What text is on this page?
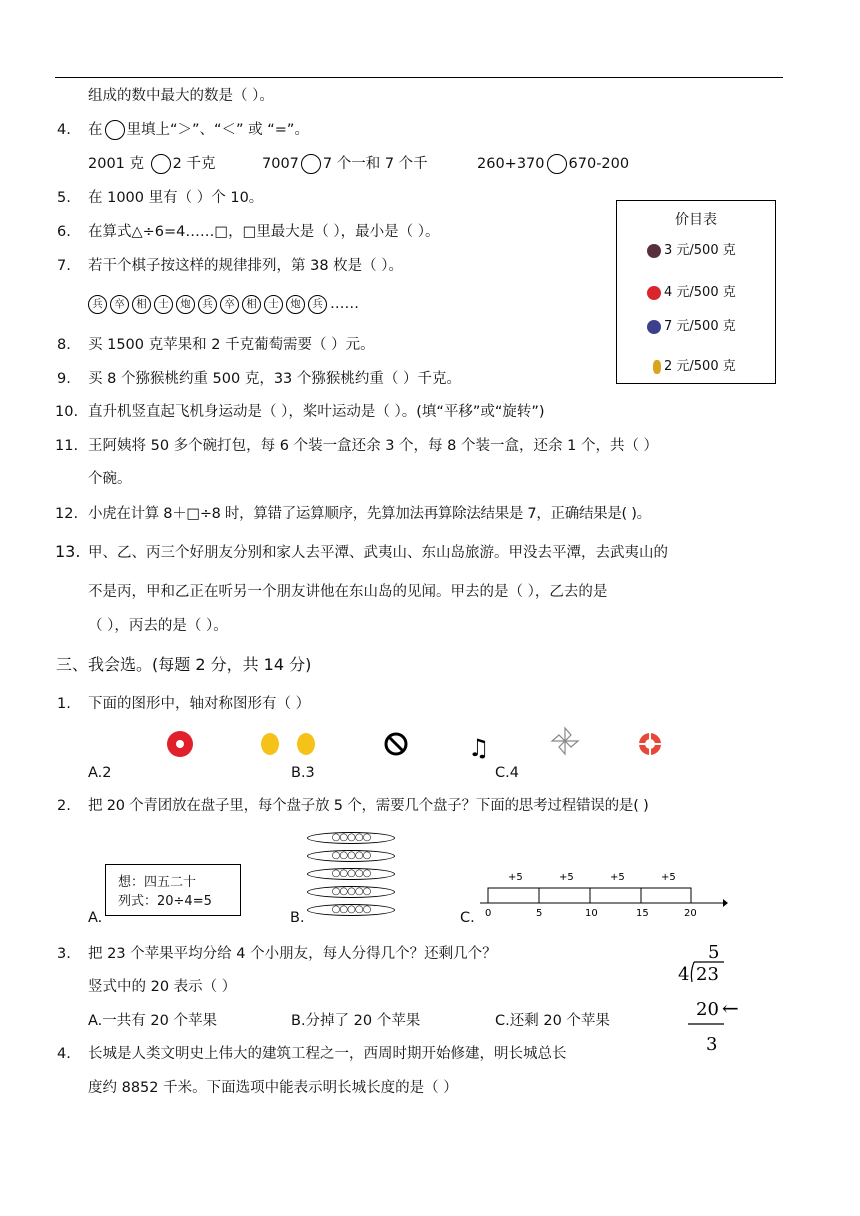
组成的数中最大的数是（ ）。
4.	在 里填上“＞”、“＜” 或 “=”。
2001 克 2 千克	7007 7 个一和 7 个千	260+370 670-200
5.	在 1000 里有（ ）个 10。
6.	在算式△÷6=4……□，□里最大是（ ），最小是（ ）。
7.	若干个棋子按这样的规律排列，第 38 枚是（ ）。
兵 卒 相 士 炮 兵 卒 相 士 炮 兵 ……
8.	买 1500 克苹果和 2 千克葡萄需要（ ）元。
9.	买 8 个猕猴桃约重 500 克，33 个猕猴桃约重（ ）千克。
价目表
3 元/500 克
4 元/500 克
7 元/500 克
2 元/500 克
10. 直升机竖直起飞机身运动是（ ），桨叶运动是（ ）。(填“平移”或“旋转”)
11. 王阿姨将 50 多个碗打包，每 6 个装一盒还余 3 个，每 8 个装一盒，还余 1 个，共（ ）
个碗。
12. 小虎在计算 8＋□÷8 时，算错了运算顺序，先算加法再算除法结果是 7，正确结果是( )。
13. 甲、乙、丙三个好朋友分别和家人去平潭、武夷山、东山岛旅游。甲没去平潭，去武夷山的
不是丙，甲和乙正在听另一个朋友讲他在东山岛的见闻。甲去的是（ ），乙去的是
（ ），丙去的是（ ）。
三、我会选。(每题 2 分，共 14 分)
1.	下面的图形中，轴对称图形有（ ）
♫
A.2	B.3	C.4
2.	把 20 个青团放在盘子里，每个盘子放 5 个，需要几个盘子？下面的思考过程错误的是( )
想：四五二十
列式：20÷4=5
A.
○○○○○
○○○○○
○○○○○
○○○○○
○○○○○
B.	C.
+5	+5	+5	+5
0	5	10	15	20
3.	把 23 个苹果平均分给 4 个小朋友，每人分得几个？还剩几个？
竖式中的 20 表示（ ）
A.一共有 20 个苹果	B.分掉了 20 个苹果	C.还剩 20 个苹果
5
4 23
20
3
←
4.	长城是人类文明史上伟大的建筑工程之一，西周时期开始修建，明长城总长
度约 8852 千米。下面选项中能表示明长城长度的是（ ）
